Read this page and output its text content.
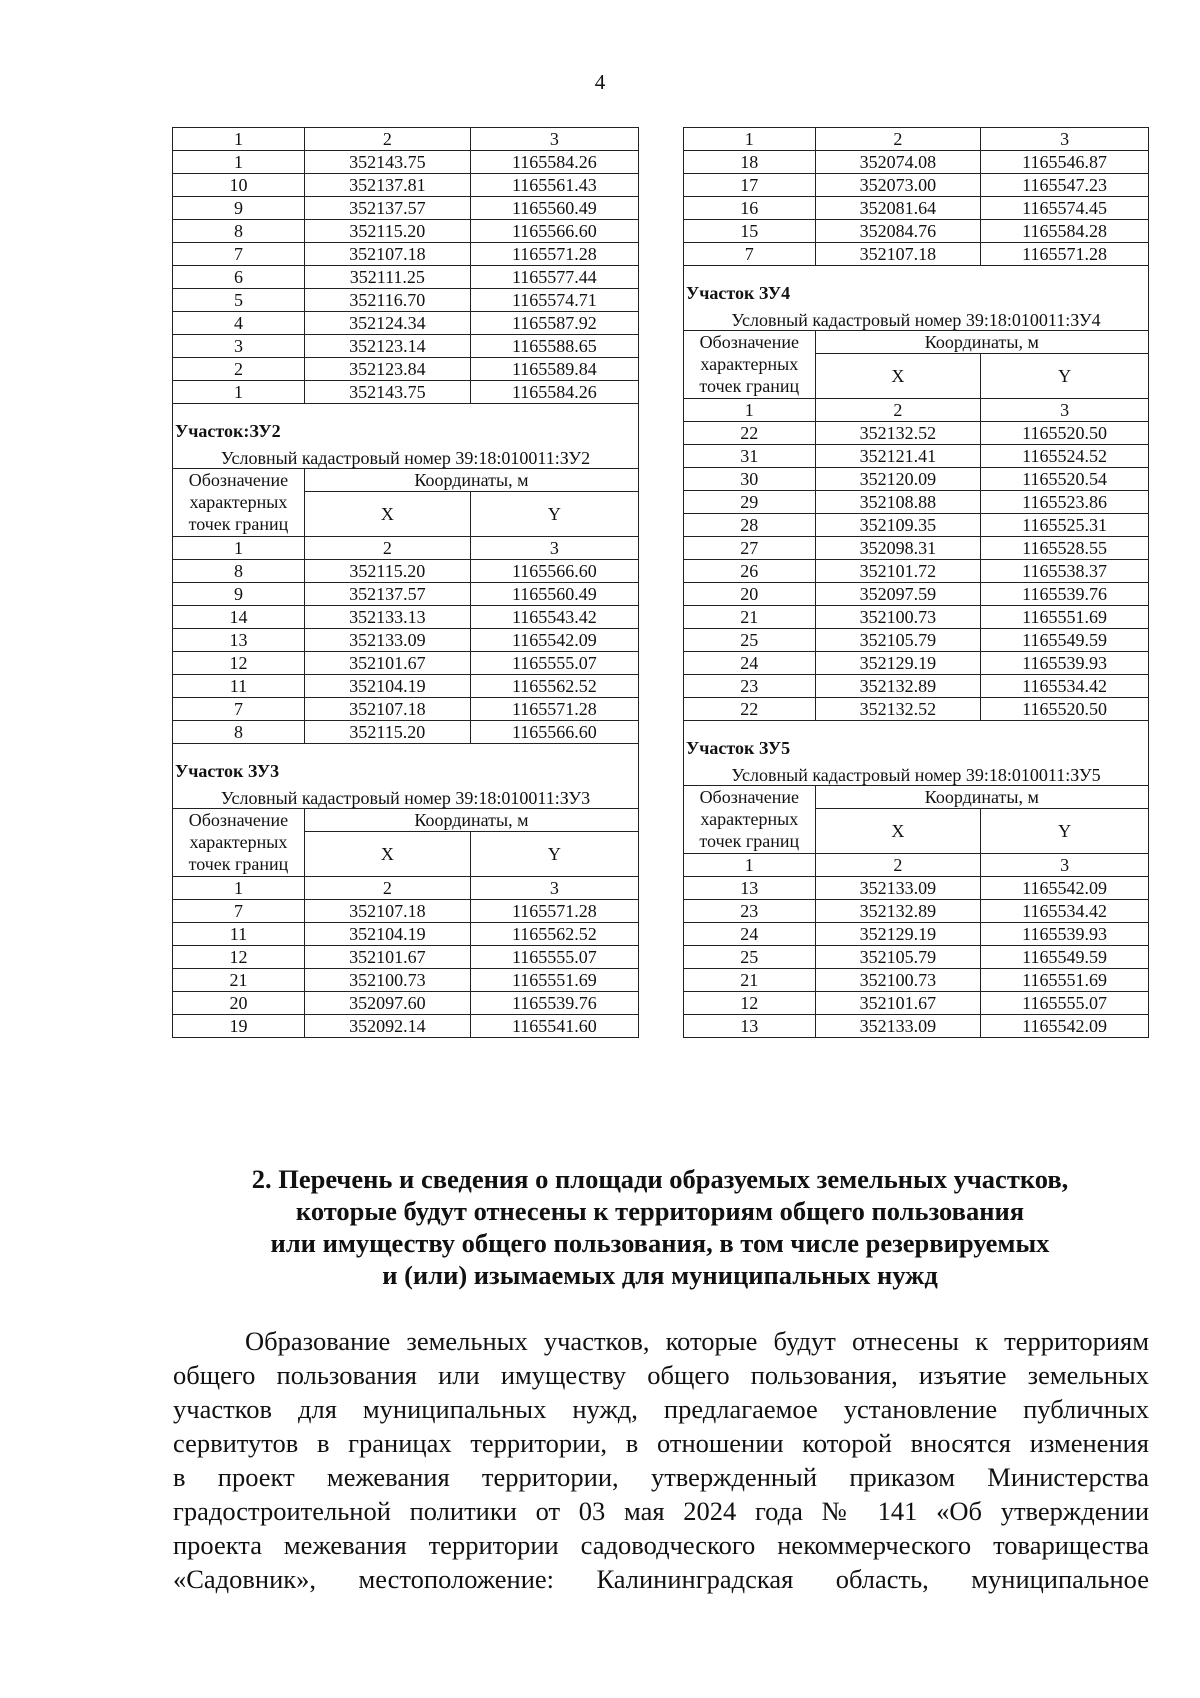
4
1	2	3
1	352143.75	1165584.26
10	352137.81	1165561.43
9	352137.57	1165560.49
8	352115.20	1165566.60
7	352107.18	1165571.28
6	352111.25	1165577.44
5	352116.70	1165574.71
4	352124.34	1165587.92
3	352123.14	1165588.65
2	352123.84	1165589.84
1	352143.75	1165584.26
Участок:ЗУ2		
Условный кадастровый номер 39:18:010011:ЗУ2		

Обозначение
характерных
точек границ	Координаты, м	
	X	Y
1	2	3
8	352115.20	1165566.60
9	352137.57	1165560.49
14	352133.13	1165543.42
13	352133.09	1165542.09
12	352101.67	1165555.07
11	352104.19	1165562.52
7	352107.18	1165571.28
8	352115.20	1165566.60
Участок ЗУ3		
Условный кадастровый номер 39:18:010011:ЗУ3		

Обозначение
характерных
точек границ	Координаты, м	
	X	Y
1	2	3
7	352107.18	1165571.28
11	352104.19	1165562.52
12	352101.67	1165555.07
21	352100.73	1165551.69
20	352097.60	1165539.76
19	352092.14	1165541.60
1	2	3
18	352074.08	1165546.87
17	352073.00	1165547.23
16	352081.64	1165574.45
15	352084.76	1165584.28
7	352107.18	1165571.28
Участок ЗУ4		
Условный кадастровый номер 39:18:010011:ЗУ4		

Обозначение
характерных
точек границ	Координаты, м	
	X	Y
1	2	3
22	352132.52	1165520.50
31	352121.41	1165524.52
30	352120.09	1165520.54
29	352108.88	1165523.86
28	352109.35	1165525.31
27	352098.31	1165528.55
26	352101.72	1165538.37
20	352097.59	1165539.76
21	352100.73	1165551.69
25	352105.79	1165549.59
24	352129.19	1165539.93
23	352132.89	1165534.42
22	352132.52	1165520.50
Участок ЗУ5		
Условный кадастровый номер 39:18:010011:ЗУ5		

Обозначение
характерных
точек границ	Координаты, м	
	X	Y
1	2	3
13	352133.09	1165542.09
23	352132.89	1165534.42
24	352129.19	1165539.93
25	352105.79	1165549.59
21	352100.73	1165551.69
12	352101.67	1165555.07
13	352133.09	1165542.09
2. Перечень и сведения о площади образуемых земельных участков,
которые будут отнесены к территориям общего пользования
или имуществу общего пользования, в том числе резервируемых
и (или) изымаемых для муниципальных нужд
Образование земельных участков, которые будут отнесены к территориям
общего пользования или имуществу общего пользования, изъятие земельных
участков для муниципальных нужд, предлагаемое установление публичных
сервитутов в границах территории, в отношении которой вносятся изменения
в проект межевания территории, утвержденный приказом Министерства
градостроительной политики от 03 мая 2024 года № 141 «Об утверждении
проекта межевания территории садоводческого некоммерческого товарищества
«Садовник», местоположение: Калининградская область, муниципальное
